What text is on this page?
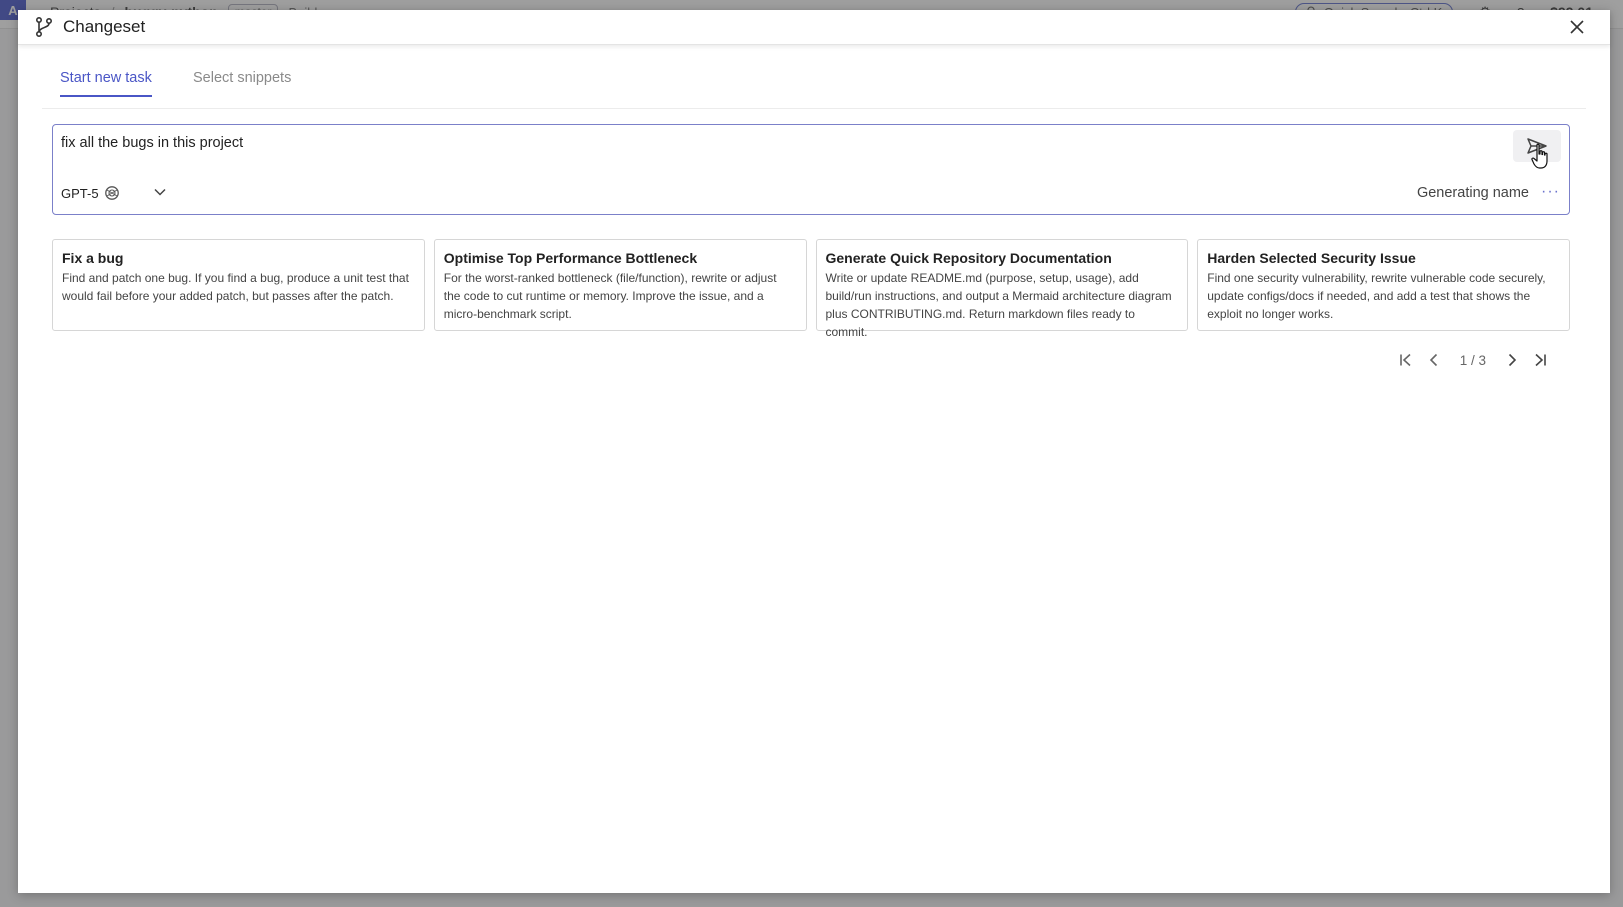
Changeset
Start new task	Select snippets
fix all the bugs in this project
GPT-5	Generating name ···
Fix a bug
Find and patch one bug. If you find a bug, produce a unit test that would fail before your added patch, but passes after the patch.
Optimise Top Performance Bottleneck
For the worst-ranked bottleneck (file/function), rewrite or adjust the code to cut runtime or memory. Improve the issue, and a micro-benchmark script.
Generate Quick Repository Documentation
Write or update README.md (purpose, setup, usage), add build/run instructions, and output a Mermaid architecture diagram plus CONTRIBUTING.md. Return markdown files ready to commit.
Harden Selected Security Issue
Find one security vulnerability, rewrite vulnerable code securely, update configs/docs if needed, and add a test that shows the exploit no longer works.
1 / 3
